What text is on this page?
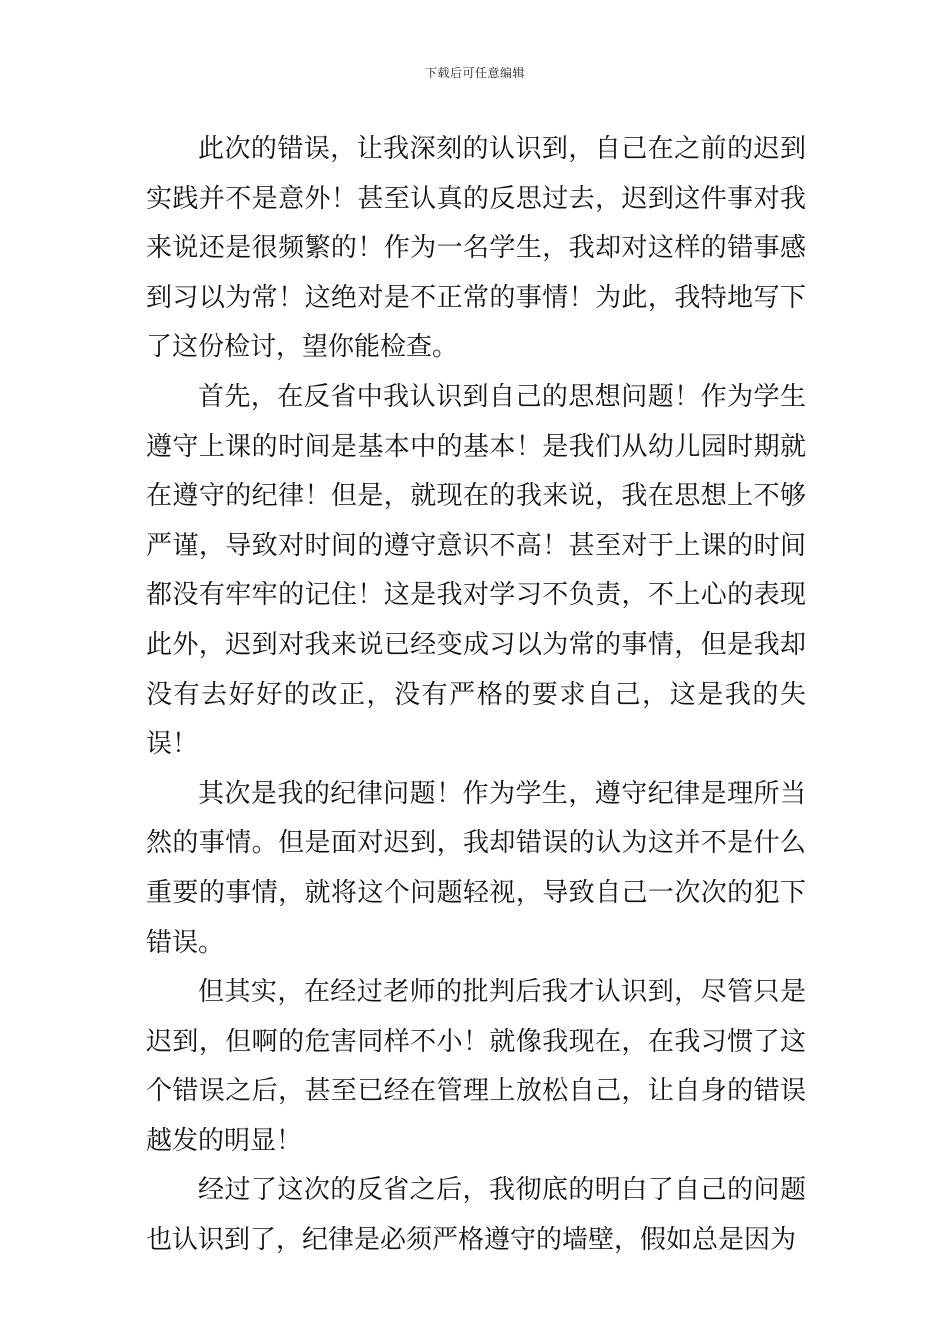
下载后可任意编辑

此次的错误，让我深刻的认识到，自己在之前的迟到实践并不是意外！甚至认真的反思过去，迟到这件事对我来说还是很频繁的！作为一名学生，我却对这样的错事感到习以为常！这绝对是不正常的事情！为此，我特地写下了这份检讨，望你能检查。

首先，在反省中我认识到自己的思想问题！作为学生遵守上课的时间是基本中的基本！是我们从幼儿园时期就在遵守的纪律！但是，就现在的我来说，我在思想上不够严谨，导致对时间的遵守意识不高！甚至对于上课的时间都没有牢牢的记住！这是我对学习不负责，不上心的表现此外，迟到对我来说已经变成习以为常的事情，但是我却没有去好好的改正，没有严格的要求自己，这是我的失误！

其次是我的纪律问题！作为学生，遵守纪律是理所当然的事情。但是面对迟到，我却错误的认为这并不是什么重要的事情，就将这个问题轻视，导致自己一次次的犯下错误。

但其实，在经过老师的批判后我才认识到，尽管只是迟到，但啊的危害同样不小！就像我现在，在我习惯了这个错误之后，甚至已经在管理上放松自己，让自身的错误越发的明显！

经过了这次的反省之后，我彻底的明白了自己的问题也认识到了，纪律是必须严格遵守的墙壁，假如总是因为
